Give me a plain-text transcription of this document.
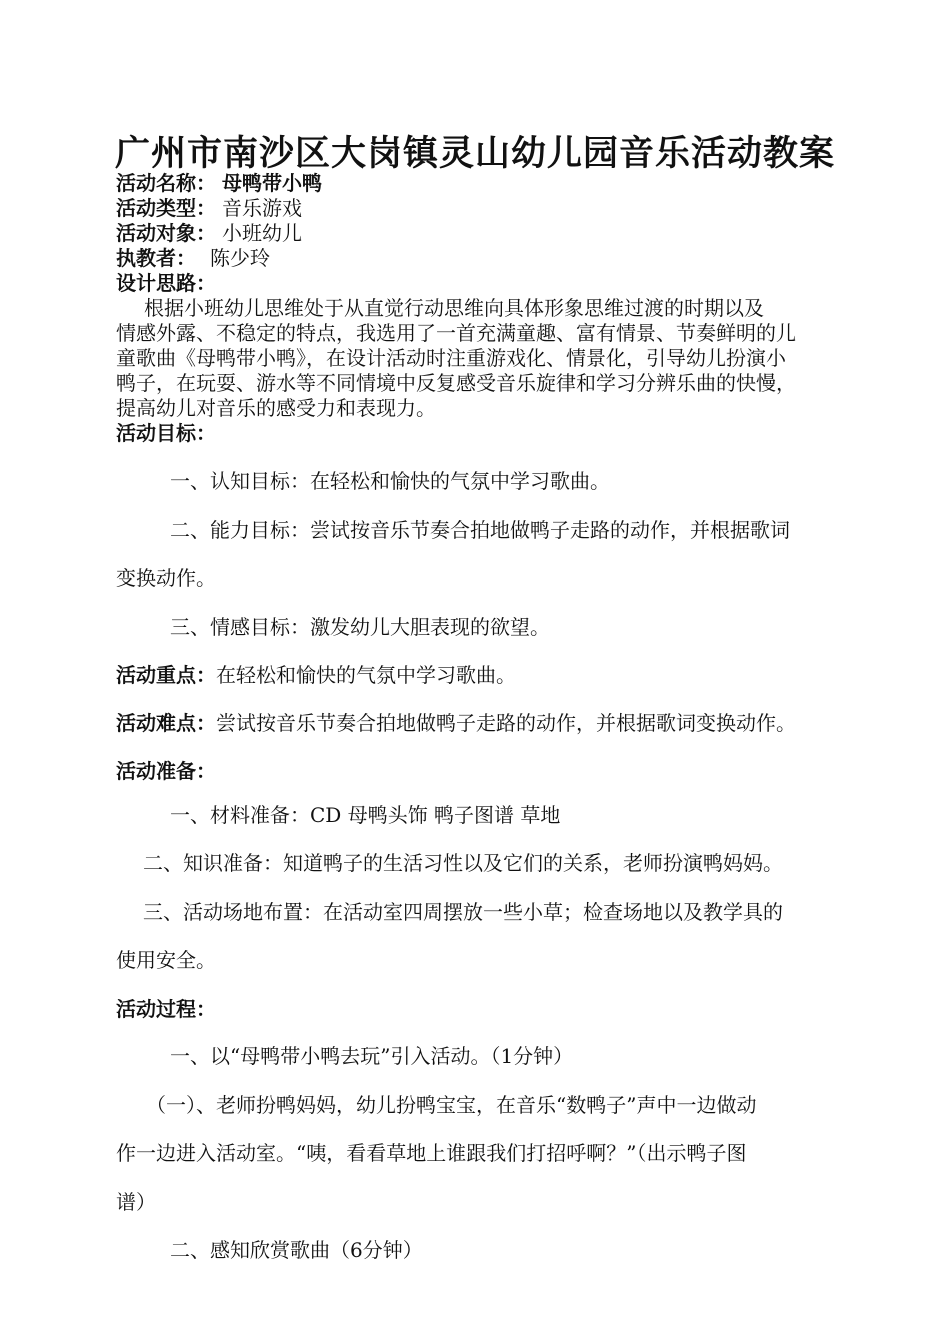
广州市南沙区大岗镇灵山幼儿园音乐活动教案
活动名称： 母鸭带小鸭
活动类型： 音乐游戏
活动对象： 小班幼儿
执教者： 陈少玲
设计思路：
根据小班幼儿思维处于从直觉行动思维向具体形象思维过渡的时期以及
情感外露、不稳定的特点，我选用了一首充满童趣、富有情景、节奏鲜明的儿
童歌曲《母鸭带小鸭》，在设计活动时注重游戏化、情景化，引导幼儿扮演小
鸭子，在玩耍、游水等不同情境中反复感受音乐旋律和学习分辨乐曲的快慢，
提高幼儿对音乐的感受力和表现力。
活动目标：
一、认知目标：在轻松和愉快的气氛中学习歌曲。
二、能力目标：尝试按音乐节奏合拍地做鸭子走路的动作，并根据歌词
变换动作。
三、情感目标：激发幼儿大胆表现的欲望。
活动重点：在轻松和愉快的气氛中学习歌曲。
活动难点：尝试按音乐节奏合拍地做鸭子走路的动作，并根据歌词变换动作。
活动准备：
一、材料准备：CD 母鸭头饰 鸭子图谱 草地
二、知识准备：知道鸭子的生活习性以及它们的关系，老师扮演鸭妈妈。
三、活动场地布置：在活动室四周摆放一些小草；检查场地以及教学具的
使用安全。
活动过程：
一、以“母鸭带小鸭去玩”引入活动。（1分钟）
（一）、老师扮鸭妈妈，幼儿扮鸭宝宝，在音乐“数鸭子”声中一边做动
作一边进入活动室。“咦，看看草地上谁跟我们打招呼啊？”（出示鸭子图
谱）
二、感知欣赏歌曲（6分钟）
